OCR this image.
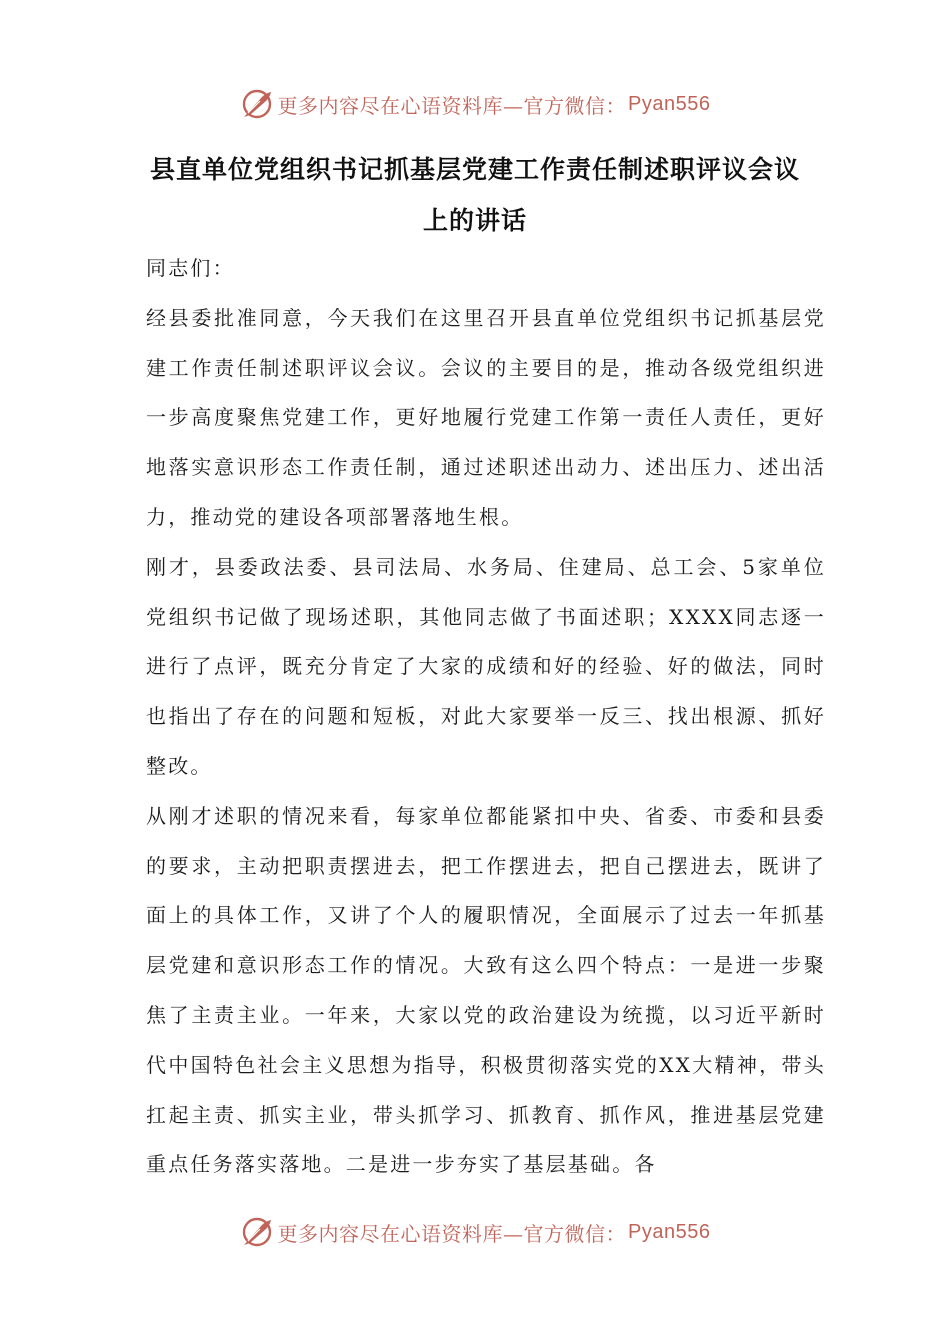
更多内容尽在心语资料库—官方微信： Pyan556
县直单位党组织书记抓基层党建工作责任制述职评议会议
上的讲话

同志们：

经县委批准同意，今天我们在这里召开县直单位党组织书记抓基层党建工作责任制述职评议会议。会议的主要目的是，推动各级党组织进一步高度聚焦党建工作，更好地履行党建工作第一责任人责任，更好地落实意识形态工作责任制，通过述职述出动力、述出压力、述出活力，推动党的建设各项部署落地生根。

刚才，县委政法委、县司法局、水务局、住建局、总工会、5家单位党组织书记做了现场述职，其他同志做了书面述职；XXXX同志逐一进行了点评，既充分肯定了大家的成绩和好的经验、好的做法，同时也指出了存在的问题和短板，对此大家要举一反三、找出根源、抓好整改。

从刚才述职的情况来看，每家单位都能紧扣中央、省委、市委和县委的要求，主动把职责摆进去，把工作摆进去，把自己摆进去，既讲了面上的具体工作，又讲了个人的履职情况，全面展示了过去一年抓基层党建和意识形态工作的情况。大致有这么四个特点：一是进一步聚焦了主责主业。一年来，大家以党的政治建设为统揽，以习近平新时代中国特色社会主义思想为指导，积极贯彻落实党的XX大精神，带头扛起主责、抓实主业，带头抓学习、抓教育、抓作风，推进基层党建重点任务落实落地。二是进一步夯实了基层基础。各

更多内容尽在心语资料库—官方微信： Pyan556
